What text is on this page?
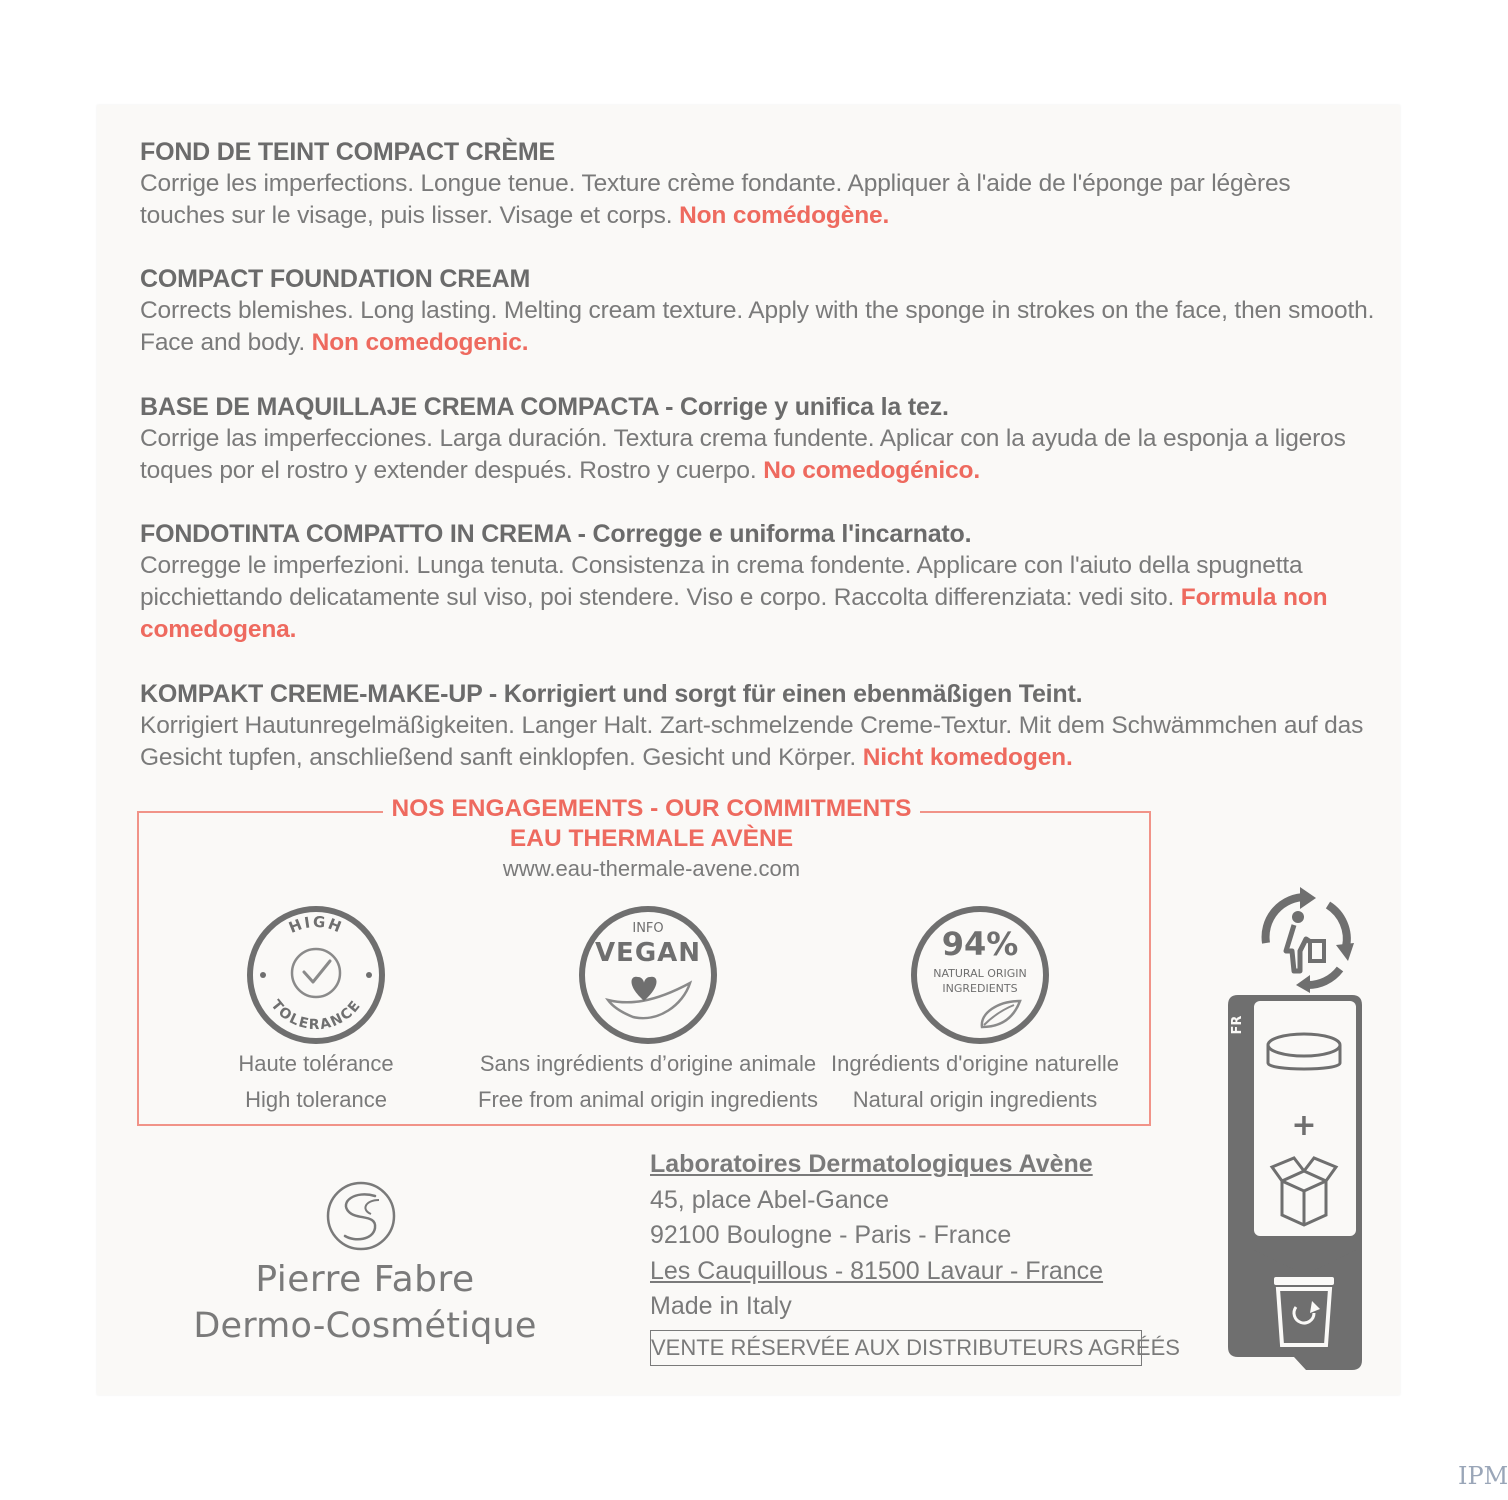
FOND DE TEINT COMPACT CRÈME

Corrige les imperfections. Longue tenue. Texture crème fondante. Appliquer à l'aide de l'éponge par légères touches sur le visage, puis lisser. Visage et corps. Non comédogène.

COMPACT FOUNDATION CREAM

Corrects blemishes. Long lasting. Melting cream texture. Apply with the sponge in strokes on the face, then smooth. Face and body. Non comedogenic.

BASE DE MAQUILLAJE CREMA COMPACTA - Corrige y unifica la tez.

Corrige las imperfecciones. Larga duración. Textura crema fundente. Aplicar con la ayuda de la esponja a ligeros toques por el rostro y extender después. Rostro y cuerpo. No comedogénico.

FONDOTINTA COMPATTO IN CREMA - Corregge e uniforma l'incarnato.

Corregge le imperfezioni. Lunga tenuta. Consistenza in crema fondente. Applicare con l'aiuto della spugnetta picchiettando delicatamente sul viso, poi stendere. Viso e corpo. Raccolta differenziata: vedi sito. Formula non comedogena.

KOMPAKT CREME-MAKE-UP - Korrigiert und sorgt für einen ebenmäßigen Teint.

Korrigiert Hautunregelmäßigkeiten. Langer Halt. Zart-schmelzende Creme-Textur. Mit dem Schwämmchen auf das Gesicht tupfen, anschließend sanft einklopfen. Gesicht und Körper. Nicht komedogen.

NOS ENGAGEMENTS - OUR COMMITMENTS
EAU THERMALE AVÈNE
www.eau-thermale-avene.com
HIGH
TOLERANCE
Haute tolérance
High tolerance
INFO
VEGAN
Sans ingrédients d’origine animale
Free from animal origin ingredients
94%
NATURAL ORIGIN
INGREDIENTS
Ingrédients d'origine naturelle
Natural origin ingredients
Pierre Fabre
Dermo-Cosmétique
Laboratoires Dermatologiques Avène
45, place Abel-Gance
92100 Boulogne - Paris - France
Les Cauquillous - 81500 Lavaur - France
Made in Italy
VENTE RÉSERVÉE AUX DISTRIBUTEURS AGRÉÉS
FR
+
IPM
